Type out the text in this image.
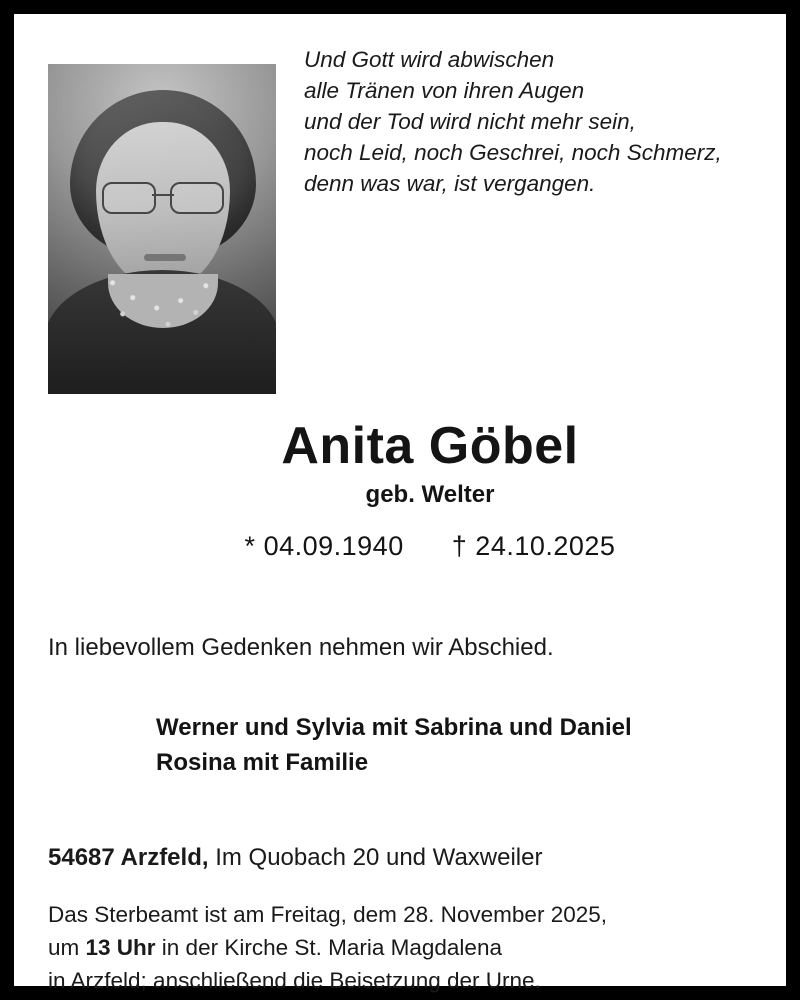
Und Gott wird abwischen
alle Tränen von ihren Augen
und der Tod wird nicht mehr sein,
noch Leid, noch Geschrei, noch Schmerz,
denn was war, ist vergangen.
Anita Göbel
geb. Welter
* 04.09.1940 † 24.10.2025
In liebevollem Gedenken nehmen wir Abschied.
Werner und Sylvia mit Sabrina und Daniel
Rosina mit Familie
54687 Arzfeld, Im Quobach 20 und Waxweiler
Das Sterbeamt ist am Freitag, dem 28. November 2025,
um 13 Uhr in der Kirche St. Maria Magdalena
in Arzfeld; anschließend die Beisetzung der Urne.
